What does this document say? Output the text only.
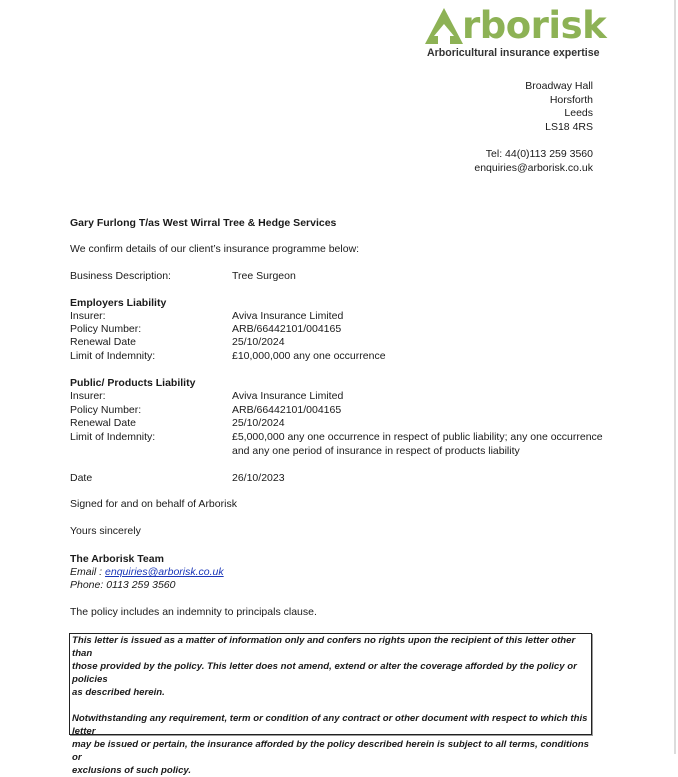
rborisk
Arboricultural insurance expertise
Broadway Hall
Horsforth
Leeds
LS18 4RS
Tel: 44(0)113 259 3560
enquiries@arborisk.co.uk
Gary Furlong T/as West Wirral Tree & Hedge Services
We confirm details of our client’s insurance programme below:
Business Description:	Tree Surgeon
Employers Liability
Insurer:	Aviva Insurance Limited
Policy Number:	ARB/66442101/004165
Renewal Date	25/10/2024
Limit of Indemnity:	£10,000,000 any one occurrence
Public/ Products Liability
Insurer:	Aviva Insurance Limited
Policy Number:	ARB/66442101/004165
Renewal Date	25/10/2024
Limit of Indemnity:	£5,000,000 any one occurrence in respect of public liability; any one occurrence
and any one period of insurance in respect of products liability
Date	26/10/2023
Signed for and on behalf of Arborisk
Yours sincerely
The Arborisk Team
Email : enquiries@arborisk.co.uk
Phone: 0113 259 3560
The policy includes an indemnity to principals clause.

This letter is issued as a matter of information only and confers no rights upon the recipient of this letter other than
those provided by the policy. This letter does not amend, extend or alter the coverage afforded by the policy or policies
as described herein.

Notwithstanding any requirement, term or condition of any contract or other document with respect to which this letter
may be issued or pertain, the insurance afforded by the policy described herein is subject to all terms, conditions or
exclusions of such policy.
